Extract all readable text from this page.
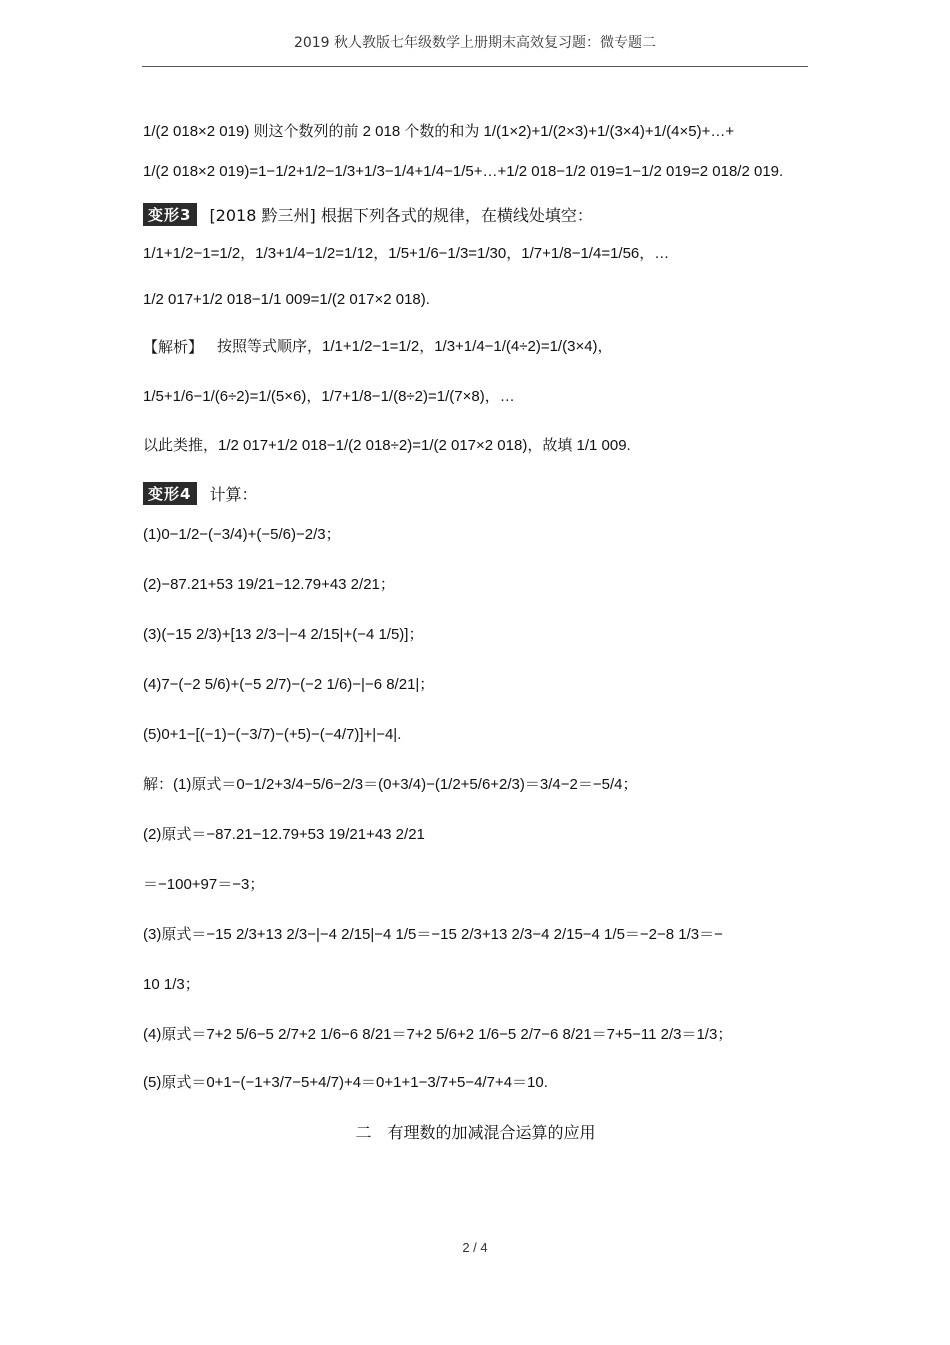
2019 秋人教版七年级数学上册期末高效复习题：微专题二
1/(2 018×2 019) 则这个数列的前 2 018 个数的和为 1/(1×2)+1/(2×3)+1/(3×4)+1/(4×5)+…+
1/(2 018×2 019)=1−1/2+1/2−1/3+1/3−1/4+1/4−1/5+…+1/2 018−1/2 019=1−1/2 019=2 018/2 019.
变形3	[2018 黔三州] 根据下列各式的规律，在横线处填空：
1/1+1/2−1=1/2，1/3+1/4−1/2=1/12，1/5+1/6−1/3=1/30，1/7+1/8−1/4=1/56，…
1/2 017+1/2 018−1/1 009=1/(2 017×2 018).
【解析】 按照等式顺序，1/1+1/2−1=1/2，1/3+1/4−1/(4÷2)=1/(3×4)，
1/5+1/6−1/(6÷2)=1/(5×6)，1/7+1/8−1/(8÷2)=1/(7×8)，…
以此类推，1/2 017+1/2 018−1/(2 018÷2)=1/(2 017×2 018)，故填 1/1 009.
变形4	计算：
(1)0−1/2−(−3/4)+(−5/6)−2/3；
(2)−87.21+53 19/21−12.79+43 2/21；
(3)(−15 2/3)+[13 2/3−|−4 2/15|+(−4 1/5)]；
(4)7−(−2 5/6)+(−5 2/7)−(−2 1/6)−|−6 8/21|；
(5)0+1−[(−1)−(−3/7)−(+5)−(−4/7)]+|−4|.
解：(1)原式＝0−1/2+3/4−5/6−2/3＝(0+3/4)−(1/2+5/6+2/3)＝3/4−2＝−5/4；
(2)原式＝−87.21−12.79+53 19/21+43 2/21
＝−100+97＝−3；
(3)原式＝−15 2/3+13 2/3−|−4 2/15|−4 1/5＝−15 2/3+13 2/3−4 2/15−4 1/5＝−2−8 1/3＝−
10 1/3；
(4)原式＝7+2 5/6−5 2/7+2 1/6−6 8/21＝7+2 5/6+2 1/6−5 2/7−6 8/21＝7+5−11 2/3＝1/3；
(5)原式＝0+1−(−1+3/7−5+4/7)+4＝0+1+1−3/7+5−4/7+4＝10.
二　有理数的加减混合运算的应用
2 / 4
